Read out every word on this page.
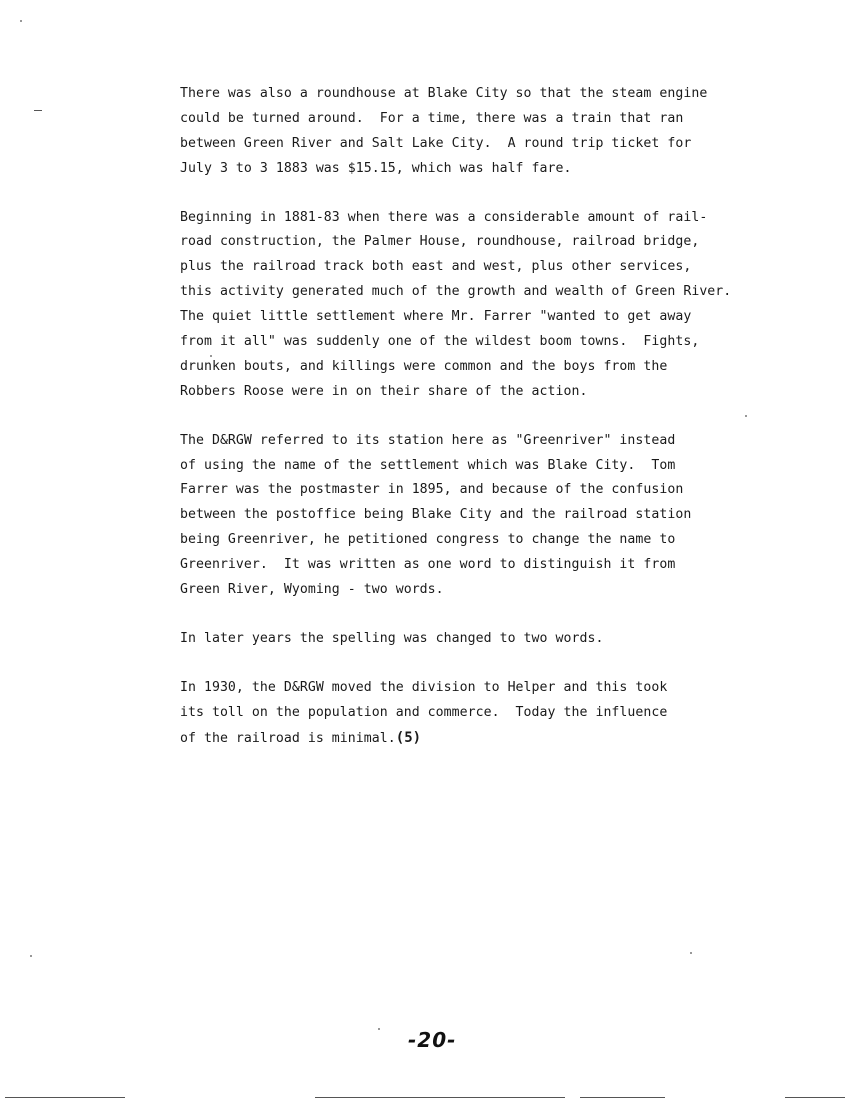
There was also a roundhouse at Blake City so that the steam engine
could be turned around.  For a time, there was a train that ran
between Green River and Salt Lake City.  A round trip ticket for
July 3 to 3 1883 was $15.15, which was half fare.
Beginning in 1881-83 when there was a considerable amount of rail-
road construction, the Palmer House, roundhouse, railroad bridge,
plus the railroad track both east and west, plus other services,
this activity generated much of the growth and wealth of Green River.
The quiet little settlement where Mr. Farrer "wanted to get away
from it all" was suddenly one of the wildest boom towns.  Fights,
drunken bouts, and killings were common and the boys from the
Robbers Roose were in on their share of the action.
The D&RGW referred to its station here as "Greenriver" instead
of using the name of the settlement which was Blake City.  Tom
Farrer was the postmaster in 1895, and because of the confusion
between the postoffice being Blake City and the railroad station
being Greenriver, he petitioned congress to change the name to
Greenriver.  It was written as one word to distinguish it from
Green River, Wyoming - two words.
In later years the spelling was changed to two words.
In 1930, the D&RGW moved the division to Helper and this took
its toll on the population and commerce.  Today the influence
of the railroad is minimal.(5)
-20-
